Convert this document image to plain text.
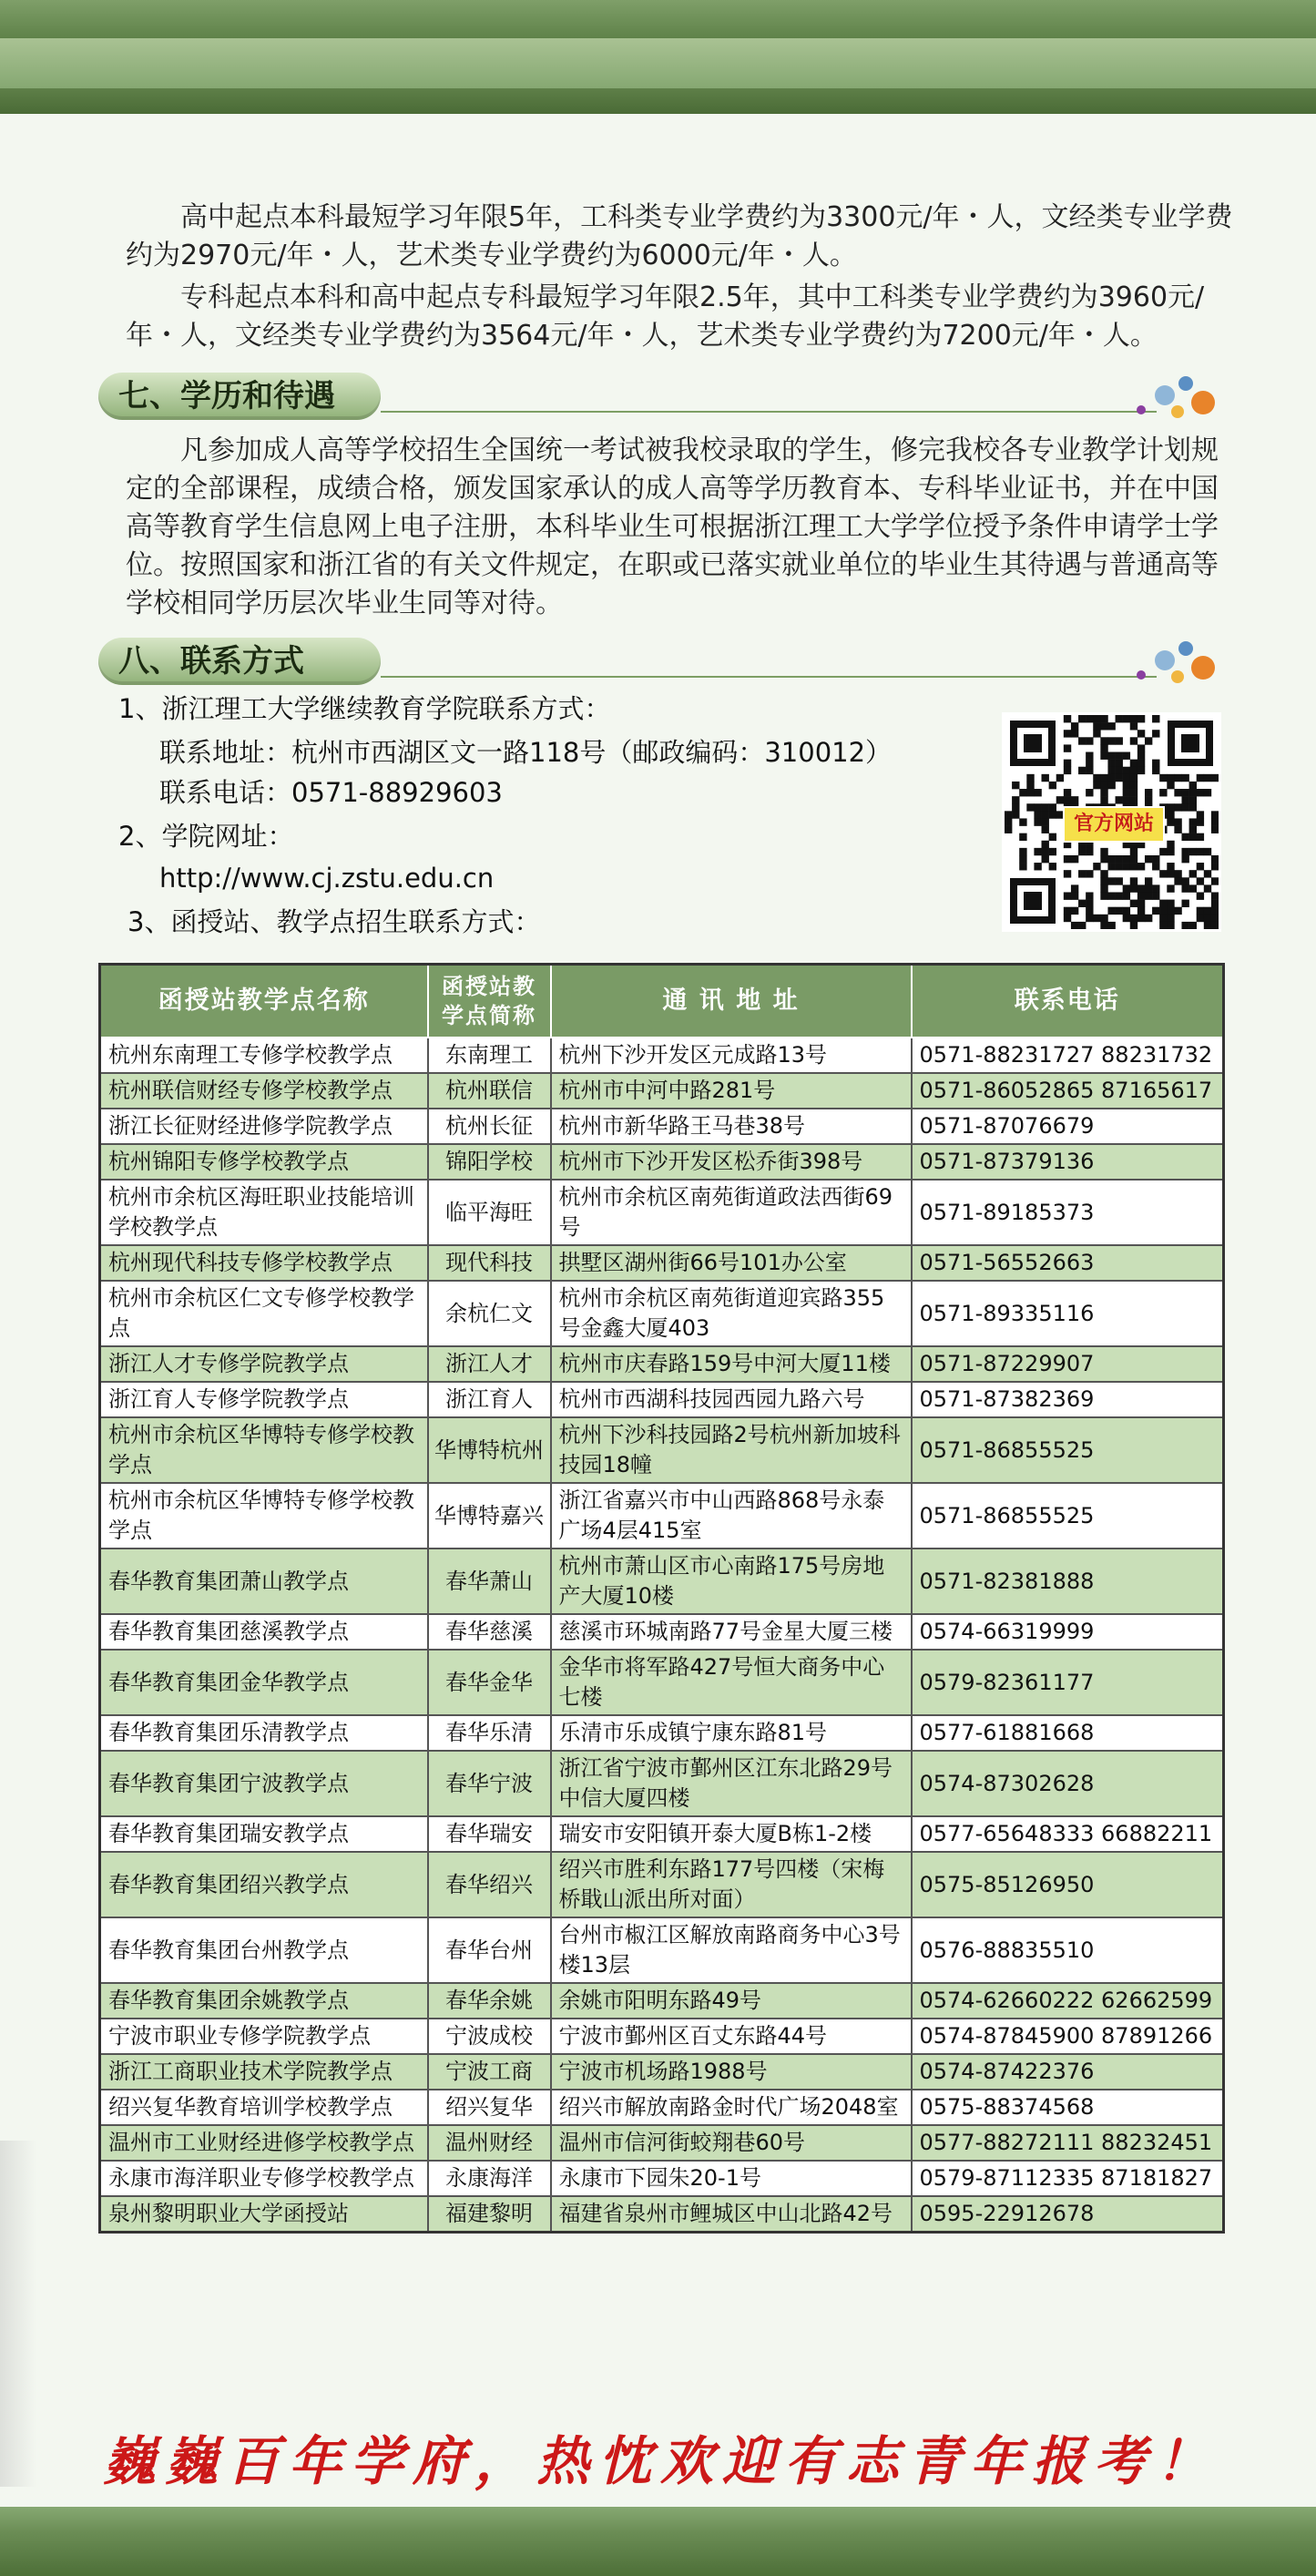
高中起点本科最短学习年限5年，工科类专业学费约为3300元/年・人，文经类专业学费约为2970元/年・人，艺术类专业学费约为6000元/年・人。

专科起点本科和高中起点专科最短学习年限2.5年，其中工科类专业学费约为3960元/年・人，文经类专业学费约为3564元/年・人，艺术类专业学费约为7200元/年・人。

七、学历和待遇

凡参加成人高等学校招生全国统一考试被我校录取的学生，修完我校各专业教学计划规定的全部课程，成绩合格，颁发国家承认的成人高等学历教育本、专科毕业证书，并在中国高等教育学生信息网上电子注册，本科毕业生可根据浙江理工大学学位授予条件申请学士学位。按照国家和浙江省的有关文件规定，在职或已落实就业单位的毕业生其待遇与普通高等学校相同学历层次毕业生同等对待。

八、联系方式
1、浙江理工大学继续教育学院联系方式：
联系地址：杭州市西湖区文一路118号（邮政编码：310012）
联系电话：0571-88929603
2、学院网址：
http://www.cj.zstu.edu.cn
3、函授站、教学点招生联系方式：
官方网站
函授站教学点名称	函授站教学点简称	通 讯 地 址	联系电话
杭州东南理工专修学校教学点	东南理工	杭州下沙开发区元成路13号	0571-88231727 88231732
杭州联信财经专修学校教学点	杭州联信	杭州市中河中路281号	0571-86052865 87165617
浙江长征财经进修学院教学点	杭州长征	杭州市新华路王马巷38号	0571-87076679
杭州锦阳专修学校教学点	锦阳学校	杭州市下沙开发区松乔街398号	0571-87379136
杭州市余杭区海旺职业技能培训学校教学点	临平海旺	杭州市余杭区南苑街道政法西街69号	0571-89185373
杭州现代科技专修学校教学点	现代科技	拱墅区湖州街66号101办公室	0571-56552663
杭州市余杭区仁文专修学校教学点	余杭仁文	杭州市余杭区南苑街道迎宾路355号金鑫大厦403	0571-89335116
浙江人才专修学院教学点	浙江人才	杭州市庆春路159号中河大厦11楼	0571-87229907
浙江育人专修学院教学点	浙江育人	杭州市西湖科技园西园九路六号	0571-87382369
杭州市余杭区华博特专修学校教学点	华博特杭州	杭州下沙科技园路2号杭州新加坡科技园18幢	0571-86855525
杭州市余杭区华博特专修学校教学点	华博特嘉兴	浙江省嘉兴市中山西路868号永泰广场4层415室	0571-86855525
春华教育集团萧山教学点	春华萧山	杭州市萧山区市心南路175号房地产大厦10楼	0571-82381888
春华教育集团慈溪教学点	春华慈溪	慈溪市环城南路77号金星大厦三楼	0574-66319999
春华教育集团金华教学点	春华金华	金华市将军路427号恒大商务中心七楼	0579-82361177
春华教育集团乐清教学点	春华乐清	乐清市乐成镇宁康东路81号	0577-61881668
春华教育集团宁波教学点	春华宁波	浙江省宁波市鄞州区江东北路29号中信大厦四楼	0574-87302628
春华教育集团瑞安教学点	春华瑞安	瑞安市安阳镇开泰大厦B栋1-2楼	0577-65648333 66882211
春华教育集团绍兴教学点	春华绍兴	绍兴市胜利东路177号四楼（宋梅桥戢山派出所对面）	0575-85126950
春华教育集团台州教学点	春华台州	台州市椒江区解放南路商务中心3号楼13层	0576-88835510
春华教育集团余姚教学点	春华余姚	余姚市阳明东路49号	0574-62660222 62662599
宁波市职业专修学院教学点	宁波成校	宁波市鄞州区百丈东路44号	0574-87845900 87891266
浙江工商职业技术学院教学点	宁波工商	宁波市机场路1988号	0574-87422376
绍兴复华教育培训学校教学点	绍兴复华	绍兴市解放南路金时代广场2048室	0575-88374568
温州市工业财经进修学校教学点	温州财经	温州市信河街蛟翔巷60号	0577-88272111 88232451
永康市海洋职业专修学校教学点	永康海洋	永康市下园朱20-1号	0579-87112335 87181827
泉州黎明职业大学函授站	福建黎明	福建省泉州市鲤城区中山北路42号	0595-22912678
巍巍百年学府，热忱欢迎有志青年报考！
